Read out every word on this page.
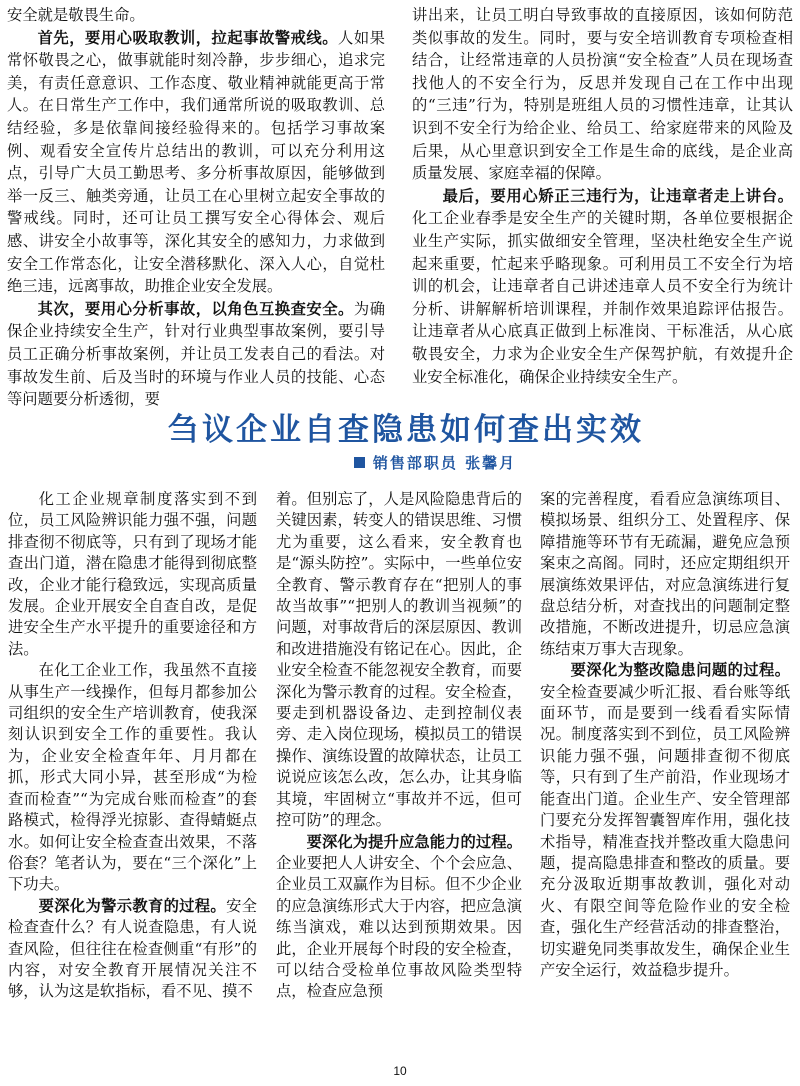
安全就是敬畏生命。

首先，要用心吸取教训，拉起事故警戒线。人如果常怀敬畏之心，做事就能时刻冷静，步步细心，追求完美，有责任意意识、工作态度、敬业精神就能更高于常人。在日常生产工作中，我们通常所说的吸取教训、总结经验，多是依靠间接经验得来的。包括学习事故案例、观看安全宣传片总结出的教训，可以充分利用这点，引导广大员工勤思考、多分析事故原因，能够做到举一反三、触类旁通，让员工在心里树立起安全事故的警戒线。同时，还可让员工撰写安全心得体会、观后感、讲安全小故事等，深化其安全的感知力，力求做到安全工作常态化，让安全潜移默化、深入人心，自觉杜绝三违，远离事故，助推企业安全发展。

其次，要用心分析事故，以角色互换查安全。为确保企业持续安全生产，针对行业典型事故案例，要引导员工正确分析事故案例，并让员工发表自己的看法。对事故发生前、后及当时的环境与作业人员的技能、心态等问题要分析透彻，要

讲出来，让员工明白导致事故的直接原因，该如何防范类似事故的发生。同时，要与安全培训教育专项检查相结合，让经常违章的人员扮演“安全检查”人员在现场查找他人的不安全行为，反思并发现自己在工作中出现的“三违”行为，特别是班组人员的习惯性违章，让其认识到不安全行为给企业、给员工、给家庭带来的风险及后果，从心里意识到安全工作是生命的底线，是企业高质量发展、家庭幸福的保障。

最后，要用心矫正三违行为，让违章者走上讲台。化工企业春季是安全生产的关键时期，各单位要根据企业生产实际，抓实做细安全管理，坚决杜绝安全生产说起来重要，忙起来乎略现象。可利用员工不安全行为培训的机会，让违章者自己讲述违章人员不安全行为统计分析、讲解解析培训课程，并制作效果追踪评估报告。让违章者从心底真正做到上标准岗、干标准活，从心底敬畏安全，力求为企业安全生产保驾护航，有效提升企业安全标准化，确保企业持续安全生产。

刍议企业自查隐患如何查出实效
销售部职员 张馨月

化工企业规章制度落实到不到位，员工风险辨识能力强不强，问题排查彻不彻底等，只有到了现场才能查出门道，潜在隐患才能得到彻底整改，企业才能行稳致远，实现高质量发展。企业开展安全自查自改，是促进安全生产水平提升的重要途径和方法。

在化工企业工作，我虽然不直接从事生产一线操作，但每月都参加公司组织的安全生产培训教育，使我深刻认识到安全工作的重要性。我认为，企业安全检查年年、月月都在抓，形式大同小异，甚至形成“为检查而检查”“为完成台账而检查”的套路模式，检得浮光掠影、查得蜻蜓点水。如何让安全检查查出效果，不落俗套？笔者认为，要在“三个深化”上下功夫。

要深化为警示教育的过程。安全检查查什么？有人说查隐患，有人说查风险，但往往在检查侧重“有形”的内容，对安全教育开展情况关注不够，认为这是软指标，看不见、摸不

着。但别忘了，人是风险隐患背后的关键因素，转变人的错误思维、习惯尤为重要，这么看来，安全教育也是“源头防控”。实际中，一些单位安全教育、警示教育存在“把别人的事故当故事”“把别人的教训当视频”的问题，对事故背后的深层原因、教训和改进措施没有铭记在心。因此，企业安全检查不能忽视安全教育，而要深化为警示教育的过程。安全检查，要走到机器设备边、走到控制仪表旁、走入岗位现场，模拟员工的错误操作、演练设置的故障状态，让员工说说应该怎么改，怎么办，让其身临其境，牢固树立“事故并不远，但可控可防”的理念。

要深化为提升应急能力的过程。企业要把人人讲安全、个个会应急、企业员工双赢作为目标。但不少企业的应急演练形式大于内容，把应急演练当演戏，难以达到预期效果。因此，企业开展每个时段的安全检查，可以结合受检单位事故风险类型特点，检查应急预

案的完善程度，看看应急演练项目、模拟场景、组织分工、处置程序、保障措施等环节有无疏漏，避免应急预案束之高阁。同时，还应定期组织开展演练效果评估，对应急演练进行复盘总结分析，对查找出的问题制定整改措施，不断改进提升，切忌应急演练结束万事大吉现象。

要深化为整改隐患问题的过程。安全检查要减少听汇报、看台账等纸面环节，而是要到一线看看实际情况。制度落实到不到位，员工风险辨识能力强不强，问题排查彻不彻底等，只有到了生产前沿，作业现场才能查出门道。企业生产、安全管理部门要充分发挥智囊智库作用，强化技术指导，精准查找并整改重大隐患问题，提高隐患排查和整改的质量。要充分汲取近期事故教训，强化对动火、有限空间等危险作业的安全检查，强化生产经营活动的排查整治，切实避免同类事故发生，确保企业生产安全运行，效益稳步提升。

10
